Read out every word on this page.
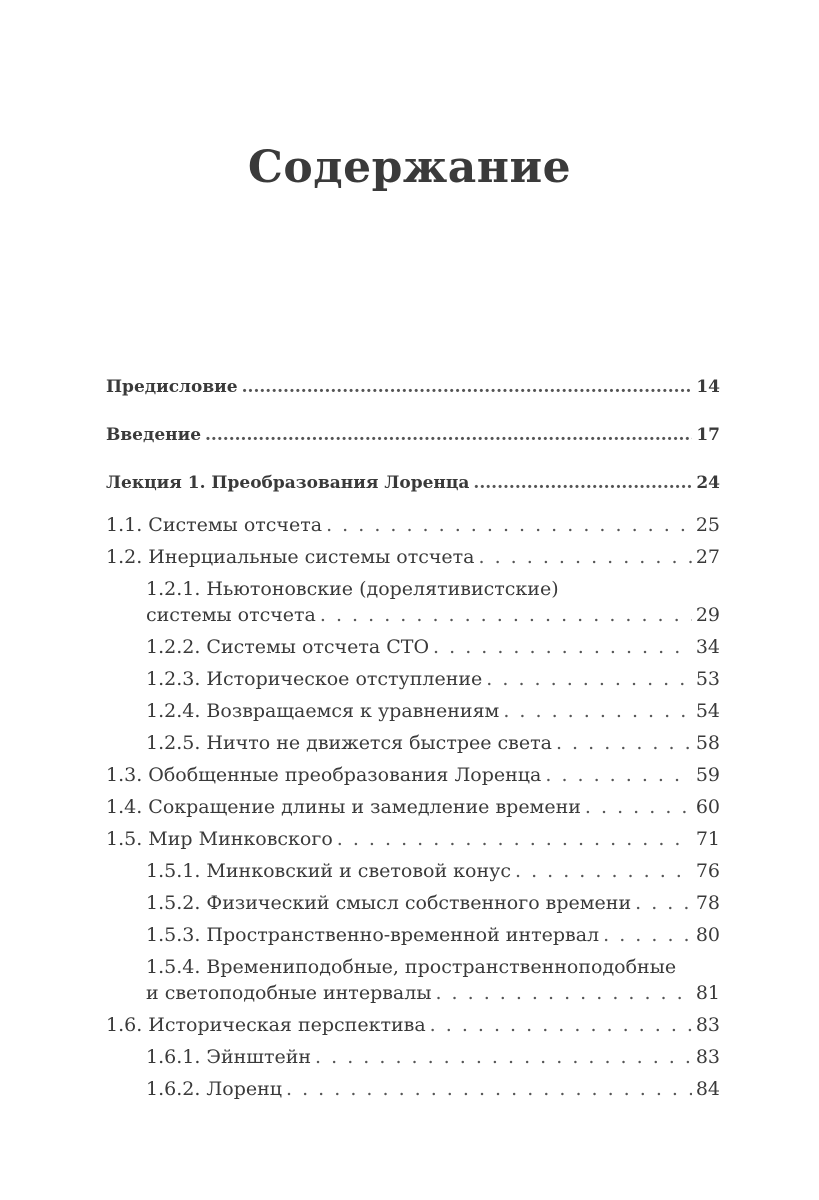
Содержание
Предисловие .....	14
Введение .....	17
Лекция 1. Преобразования Лоренца .....	24
1.1. Системы отсчета . . .	25
1.2. Инерциальные системы отсчета . . .	27
1.2.1. Ньютоновские (дорелятивистские)
системы отсчета . . .	29
1.2.2. Системы отсчета СТО . . .	34
1.2.3. Историческое отступление . . .	53
1.2.4. Возвращаемся к уравнениям . . .	54
1.2.5. Ничто не движется быстрее света . . .	58
1.3. Обобщенные преобразования Лоренца . . .	59
1.4. Сокращение длины и замедление времени . . .	60
1.5. Мир Минковского . . .	71
1.5.1. Минковский и световой конус . . .	76
1.5.2. Физический смысл собственного времени . . .	78
1.5.3. Пространственно-временной интервал . . .	80
1.5.4. Времениподобные, пространственноподобные
и светоподобные интервалы . . .	81
1.6. Историческая перспектива . . .	83
1.6.1. Эйнштейн . . .	83
1.6.2. Лоренц . . .	84
